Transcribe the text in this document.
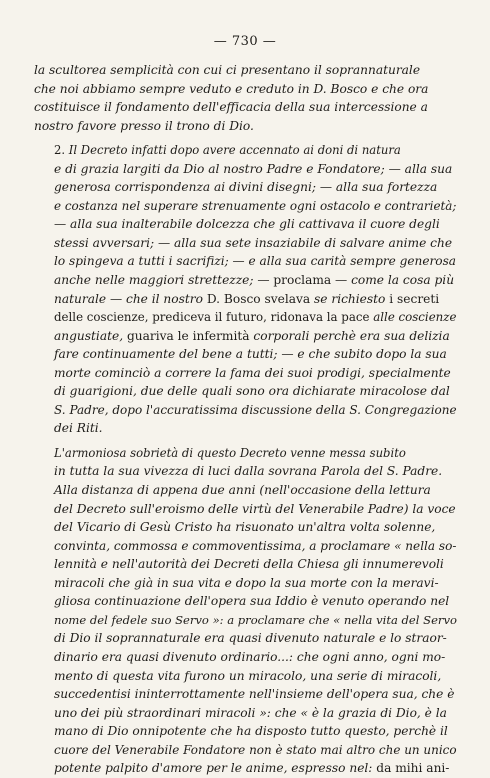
— 730 —

la scultorea semplicità con cui ci presentano il soprannaturale
che noi abbiamo sempre veduto e creduto in D. Bosco e che ora
costituisce il fondamento dell'efficacia della sua intercessione a
nostro favore presso il trono di Dio.

2. Il Decreto infatti dopo avere accennato ai doni di natura
e di grazia largiti da Dio al nostro Padre e Fondatore; — alla sua
generosa corrispondenza ai divini disegni; — alla sua fortezza
e costanza nel superare strenuamente ogni ostacolo e contrarietà;
— alla sua inalterabile dolcezza che gli cattivava il cuore degli
stessi avversari; — alla sua sete insaziabile di salvare anime che
lo spingeva a tutti i sacrifizi; — e alla sua carità sempre generosa
anche nelle maggiori strettezze; — proclama — come la cosa più
naturale — che il nostro D. Bosco svelava se richiesto i secreti
delle coscienze, prediceva il futuro, ridonava la pace alle coscienze
angustiate, guariva le infermità corporali perchè era sua delizia
fare continuamente del bene a tutti; — e che subito dopo la sua
morte cominciò a correre la fama dei suoi prodigi, specialmente
di guarigioni, due delle quali sono ora dichiarate miracolose dal
S. Padre, dopo l'accuratissima discussione della S. Congregazione
dei Riti.

L'armoniosa sobrietà di questo Decreto venne messa subito
in tutta la sua vivezza di luci dalla sovrana Parola del S. Padre.
Alla distanza di appena due anni (nell'occasione della lettura
del Decreto sull'eroismo delle virtù del Venerabile Padre) la voce
del Vicario di Gesù Cristo ha risuonato un'altra volta solenne,
convinta, commossa e commoventissima, a proclamare « nella so-
lennità e nell'autorità dei Decreti della Chiesa gli innumerevoli
miracoli che già in sua vita e dopo la sua morte con la meravi-
gliosa continuazione dell'opera sua Iddio è venuto operando nel
nome del fedele suo Servo »: a proclamare che « nella vita del Servo
di Dio il soprannaturale era quasi divenuto naturale e lo straor-
dinario era quasi divenuto ordinario...: che ogni anno, ogni mo-
mento di questa vita furono un miracolo, una serie di miracoli,
succedentisi ininterrottamente nell'insieme dell'opera sua, che è
uno dei più straordinari miracoli »: che « è la grazia di Dio, è la
mano di Dio onnipotente che ha disposto tutto questo, perchè il
cuore del Venerabile Fondatore non è stato mai altro che un unico
potente palpito d'amore per le anime, espresso nel: da mihi ani-
